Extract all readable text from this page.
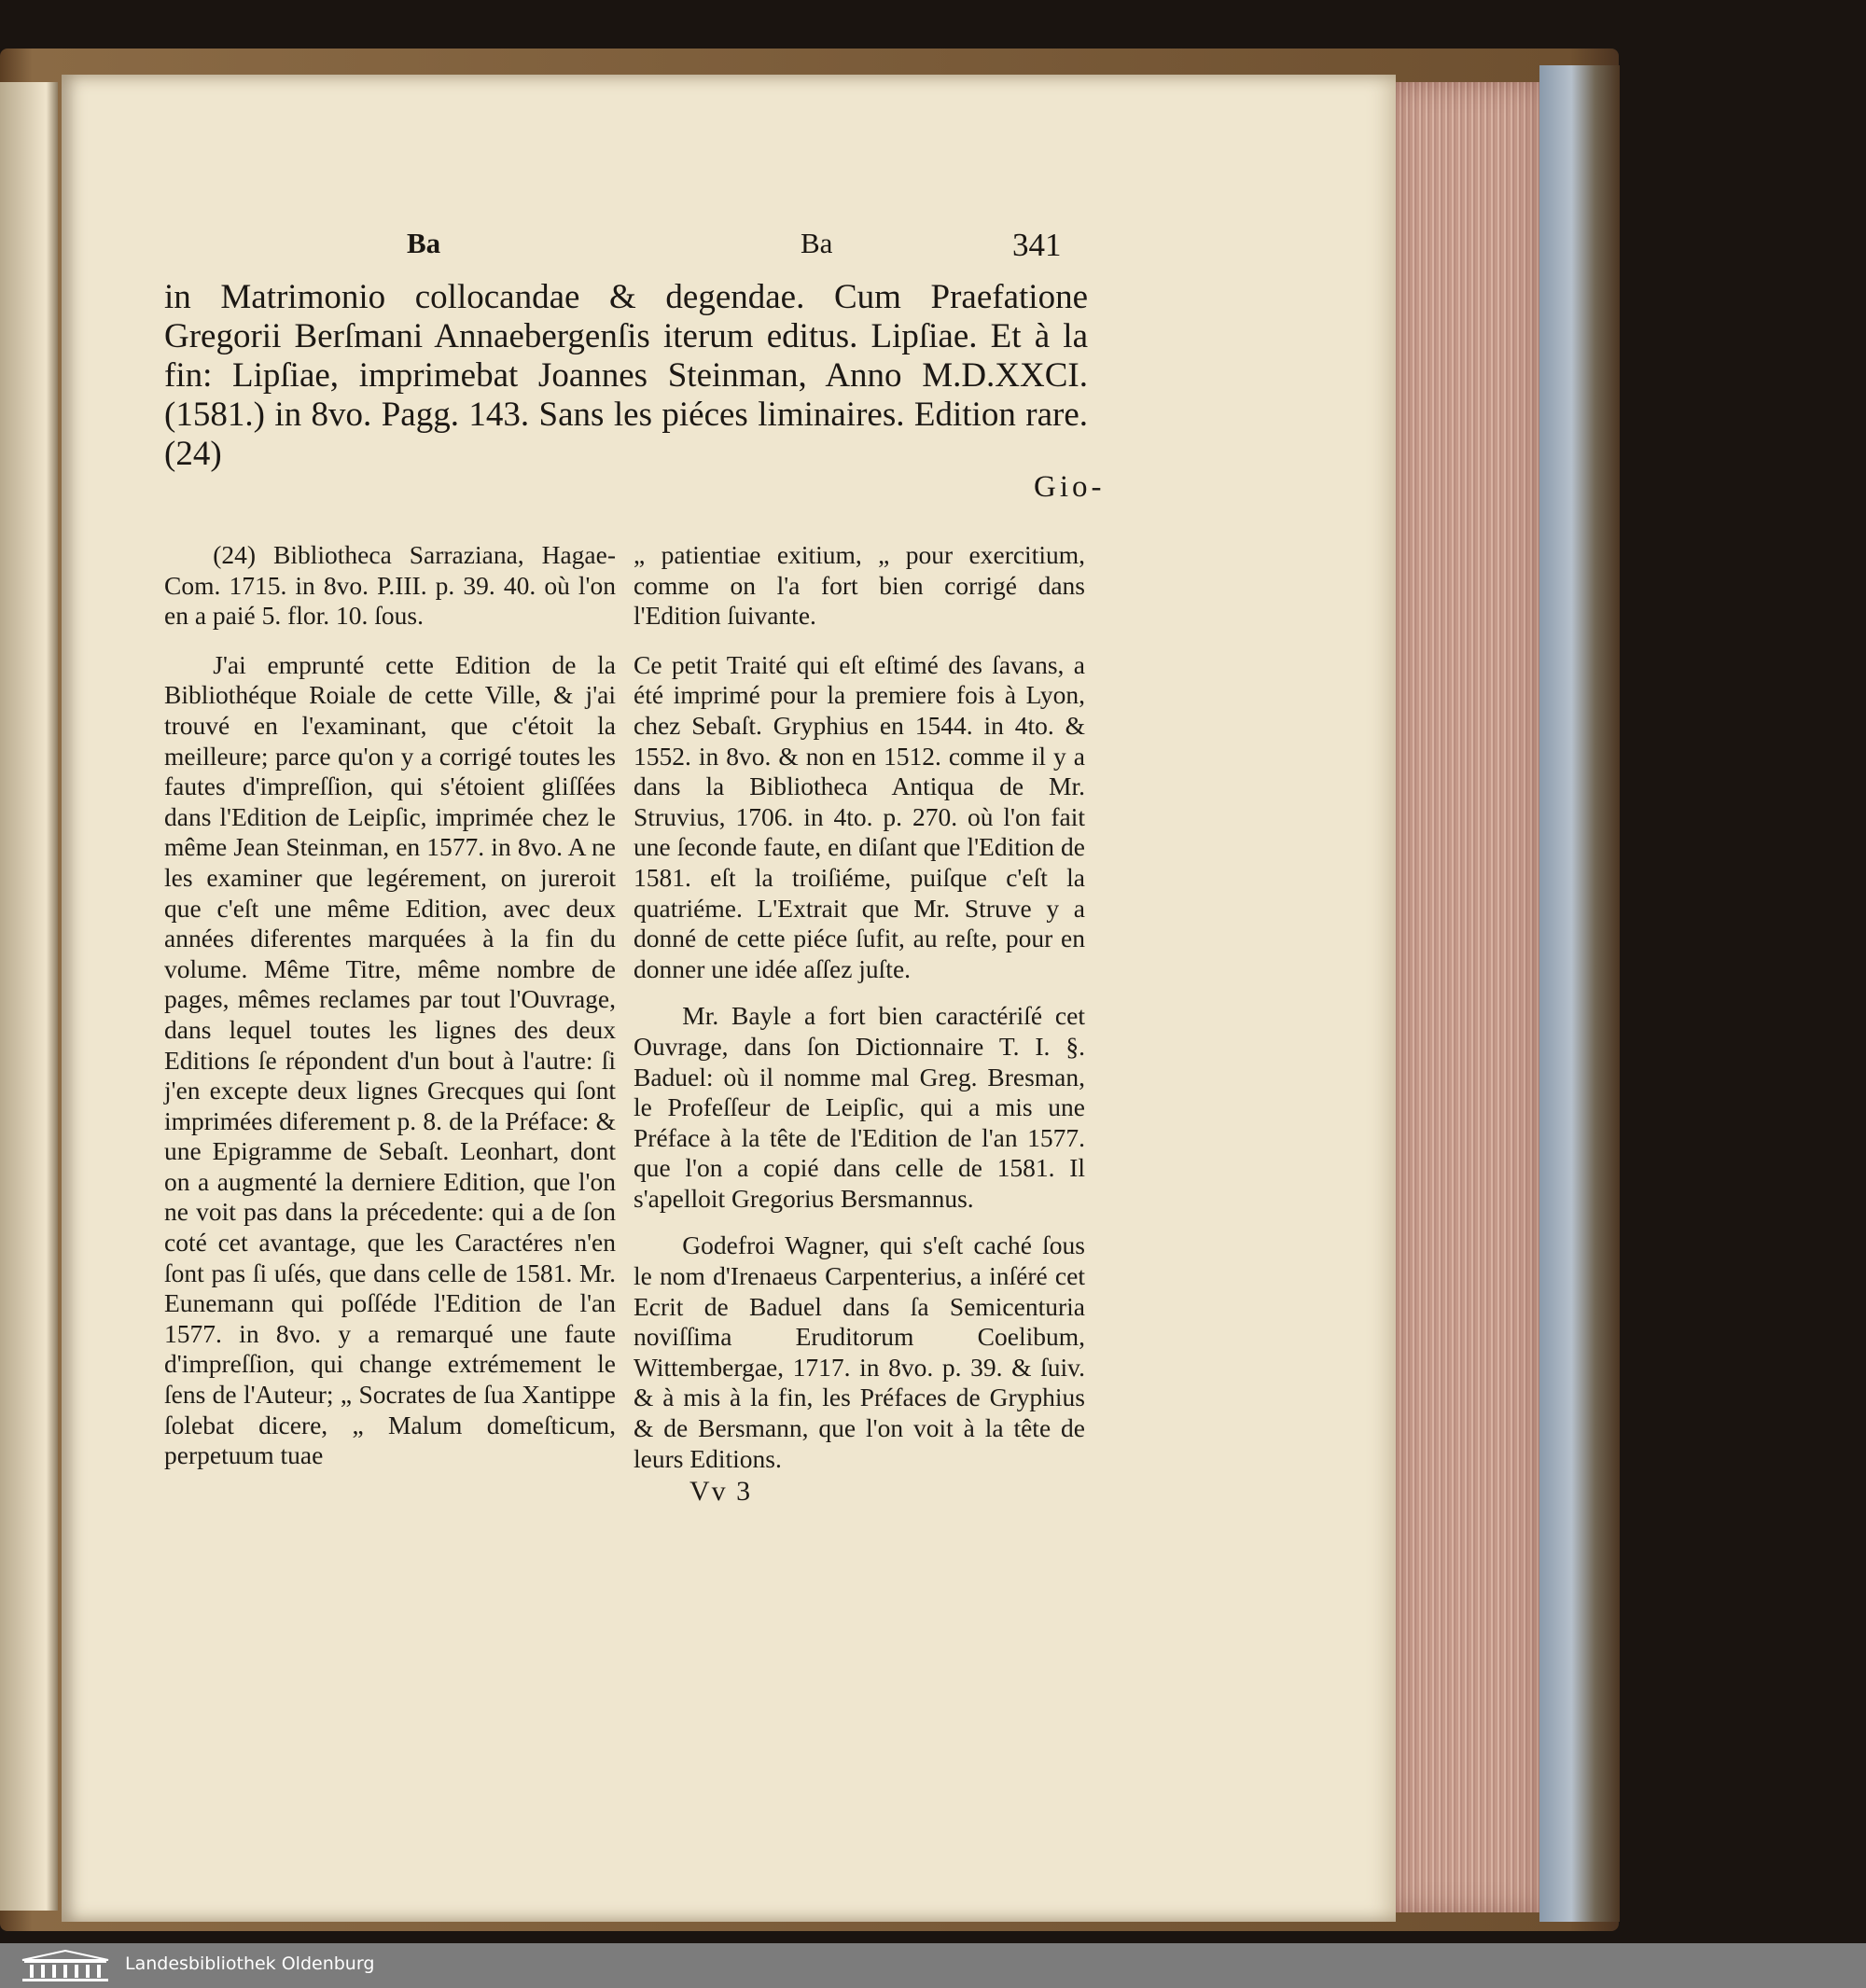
Ba	Ba	341

in Matrimonio collocandae & degendae. Cum Praefatione Gregorii Berſmani Annaebergenſis iterum editus. Lipſiae. Et à la fin: Lipſiae, imprimebat Joannes Steinman, Anno M.D.XXCI. (1581.) in 8vo. Pagg. 143. Sans les piéces liminaires. Edition rare. (24)

Gio-

(24) Bibliotheca Sarraziana, Hagae-Com. 1715. in 8vo. P.III. p. 39. 40. où l'on en a paié 5. flor. 10. ſous.

J'ai emprunté cette Edition de la Bibliothéque Roiale de cette Ville, & j'ai trouvé en l'examinant, que c'étoit la meilleure; parce qu'on y a corrigé toutes les fautes d'impreſſion, qui s'étoient gliſſées dans l'Edition de Leipſic, imprimée chez le même Jean Steinman, en 1577. in 8vo. A ne les examiner que legérement, on jureroit que c'eſt une même Edition, avec deux années diferentes marquées à la fin du volume. Même Titre, même nombre de pages, mêmes reclames par tout l'Ouvrage, dans lequel toutes les lignes des deux Editions ſe répondent d'un bout à l'autre: ſi j'en excepte deux lignes Grecques qui ſont imprimées diferement p. 8. de la Préface: & une Epigramme de Sebaſt. Leonhart, dont on a augmenté la derniere Edition, que l'on ne voit pas dans la précedente: qui a de ſon coté cet avantage, que les Caractéres n'en ſont pas ſi uſés, que dans celle de 1581. Mr. Eunemann qui poſſéde l'Edition de l'an 1577. in 8vo. y a remarqué une faute d'impreſſion, qui change extrémement le ſens de l'Auteur; „ Socrates de ſua Xantippe ſolebat dicere, „ Malum domeſticum, perpetuum tuae

„ patientiae exitium, „ pour exercitium, comme on l'a fort bien corrigé dans l'Edition ſuivante.

Ce petit Traité qui eſt eſtimé des ſavans, a été imprimé pour la premiere fois à Lyon, chez Sebaſt. Gryphius en 1544. in 4to. & 1552. in 8vo. & non en 1512. comme il y a dans la Bibliotheca Antiqua de Mr. Struvius, 1706. in 4to. p. 270. où l'on fait une ſeconde faute, en diſant que l'Edition de 1581. eſt la troiſiéme, puiſque c'eſt la quatriéme. L'Extrait que Mr. Struve y a donné de cette piéce ſufit, au reſte, pour en donner une idée aſſez juſte.

Mr. Bayle a fort bien caractériſé cet Ouvrage, dans ſon Dictionnaire T. I. §. Baduel: où il nomme mal Greg. Bresman, le Profeſſeur de Leipſic, qui a mis une Préface à la tête de l'Edition de l'an 1577. que l'on a copié dans celle de 1581. Il s'apelloit Gregorius Bersmannus.

Godefroi Wagner, qui s'eſt caché ſous le nom d'Irenaeus Carpenterius, a inſéré cet Ecrit de Baduel dans ſa Semicenturia noviſſima Eruditorum Coelibum, Wittembergae, 1717. in 8vo. p. 39. & ſuiv. & à mis à la fin, les Préfaces de Gryphius & de Bersmann, que l'on voit à la tête de leurs Editions.

Vv 3
Landesbibliothek Oldenburg
